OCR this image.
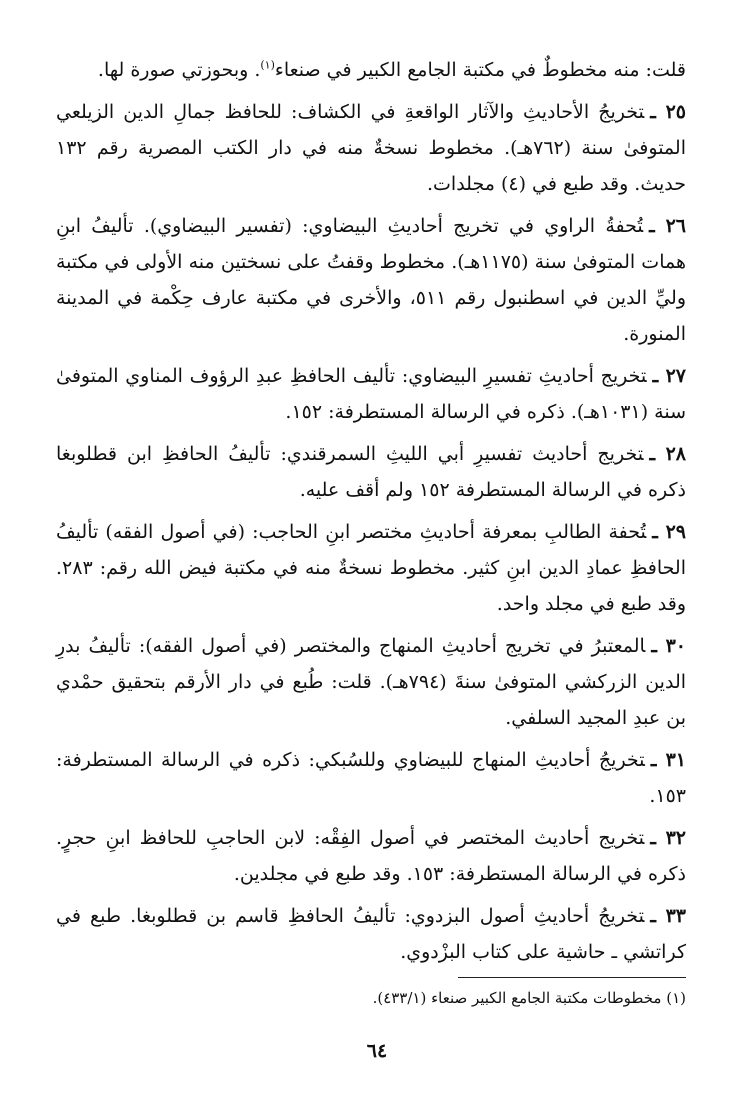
قلت: منه مخطوطٌ في مكتبة الجامع الكبير في صنعاء$^{(١)}$. وبحوزتي صورة لها.

٢٥ ـتخريجُ الأحاديثِ والآثار الواقعةِ في الكشاف: للحافظ جمالِ الدين الزيلعي المتوفىٰ سنة (٧٦٢هـ). مخطوط نسخةٌ منه في دار الكتب المصرية رقم ١٣٢ حديث. وقد طبع في (٤) مجلدات.

٢٦ ـتُحفةُ الراوي في تخريج أحاديثِ البيضاوي: (تفسير البيضاوي). تأليفُ ابنِ همات المتوفىٰ سنة (١١٧٥هـ). مخطوط وقفتُ على نسختين منه الأولى في مكتبة وليِّ الدين في اسطنبول رقم ٥١١، والأخرى في مكتبة عارف حِكْمة في المدينة المنورة.

٢٧ ـتخريج أحاديثِ تفسيرِ البيضاوي: تأليف الحافظِ عبدِ الرؤوف المناوي المتوفىٰ سنة (١٠٣١هـ). ذكره في الرسالة المستطرفة: ١٥٢.

٢٨ ـتخريج أحاديث تفسيرِ أبي الليثِ السمرقندي: تأليفُ الحافظِ ابن قطلوبغا ذكره في الرسالة المستطرفة ١٥٢ ولم أقف عليه.

٢٩ ـتُحفة الطالبِ بمعرفة أحاديثِ مختصر ابنِ الحاجب: (في أصول الفقه) تأليفُ الحافظِ عمادِ الدين ابنِ كثير. مخطوط نسخةٌ منه في مكتبة فيض الله رقم: ٢٨٣. وقد طبع في مجلد واحد.

٣٠ ـالمعتبرُ في تخريج أحاديثِ المنهاج والمختصر (في أصول الفقه): تأليفُ بدرِ الدين الزركشي المتوفىٰ سنةَ (٧٩٤هـ). قلت: طُبع في دار الأرقم بتحقيق حمْدي بن عبدِ المجيد السلفي.

٣١ ـتخريجُ أحاديثِ المنهاج للبيضاوي وللسُبكي: ذكره في الرسالة المستطرفة: ١٥٣.

٣٢ ـتخريج أحاديث المختصر في أصول الفِقْه: لابن الحاجبِ للحافظ ابنِ حجرٍ. ذكره في الرسالة المستطرفة: ١٥٣. وقد طبع في مجلدين.

٣٣ ـتخريجُ أحاديثِ أصول البزدوي: تأليفُ الحافظِ قاسم بن قطلوبغا. طبع في كراتشي ـ حاشية على كتاب البزْدوي.

(١) مخطوطات مكتبة الجامع الكبير صنعاء (٤٣٣/١).
٦٤
